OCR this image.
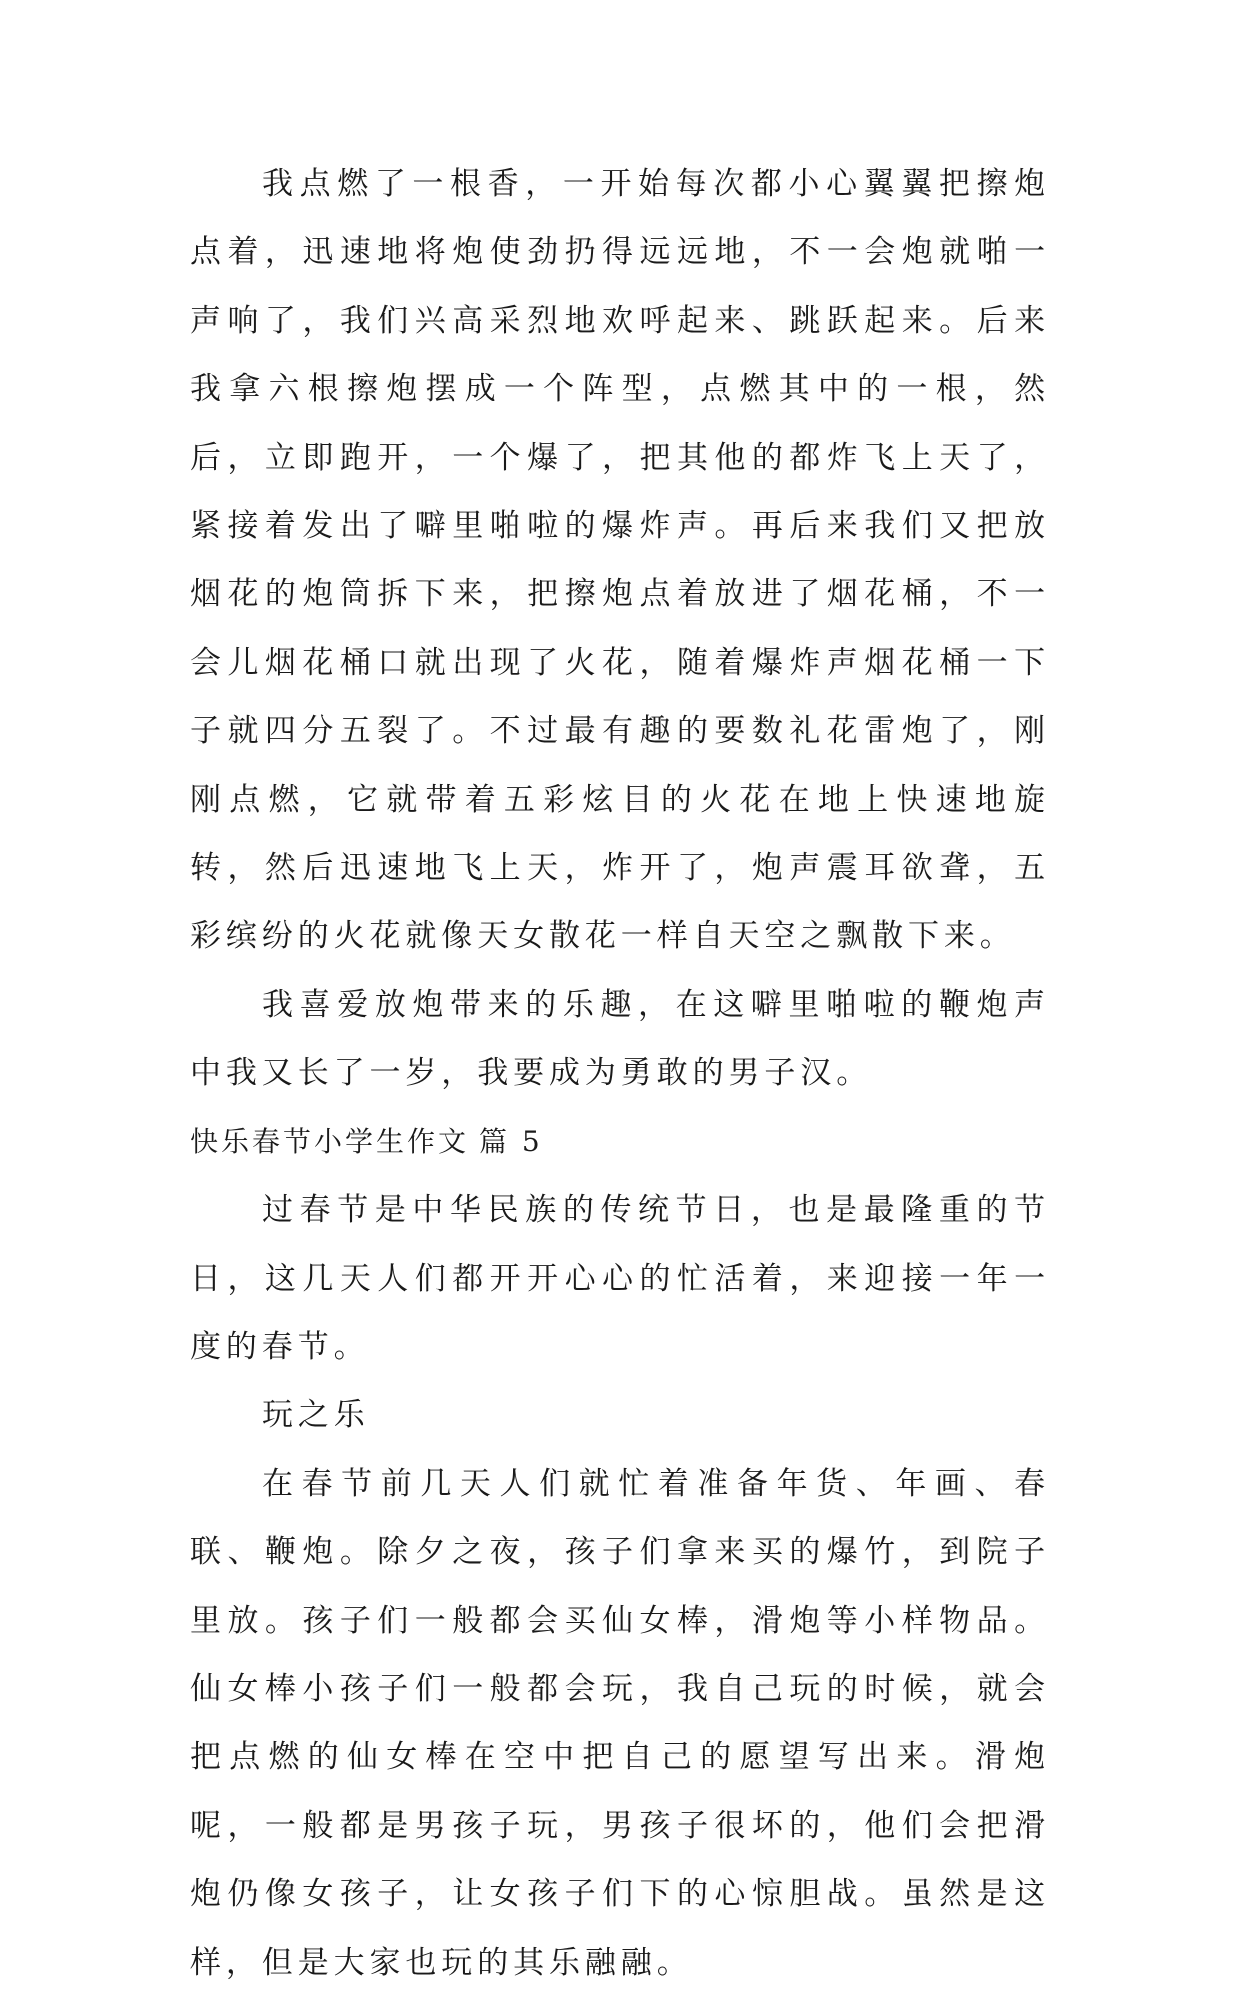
我点燃了一根香，一开始每次都小心翼翼把擦炮点着，迅速地将炮使劲扔得远远地，不一会炮就啪一声响了，我们兴高采烈地欢呼起来、跳跃起来。后来我拿六根擦炮摆成一个阵型，点燃其中的一根，然后，立即跑开，一个爆了，把其他的都炸飞上天了，紧接着发出了噼里啪啦的爆炸声。再后来我们又把放烟花的炮筒拆下来，把擦炮点着放进了烟花桶，不一会儿烟花桶口就出现了火花，随着爆炸声烟花桶一下子就四分五裂了。不过最有趣的要数礼花雷炮了，刚刚点燃，它就带着五彩炫目的火花在地上快速地旋转，然后迅速地飞上天，炸开了，炮声震耳欲聋，五彩缤纷的火花就像天女散花一样自天空之飘散下来。

我喜爱放炮带来的乐趣，在这噼里啪啦的鞭炮声中我又长了一岁，我要成为勇敢的男子汉。

快乐春节小学生作文 篇 5

过春节是中华民族的传统节日，也是最隆重的节日，这几天人们都开开心心的忙活着，来迎接一年一度的春节。

玩之乐

在春节前几天人们就忙着准备年货、年画、春联、鞭炮。除夕之夜，孩子们拿来买的爆竹，到院子里放。孩子们一般都会买仙女棒，滑炮等小样物品。仙女棒小孩子们一般都会玩，我自己玩的时候，就会把点燃的仙女棒在空中把自己的愿望写出来。滑炮呢，一般都是男孩子玩，男孩子很坏的，他们会把滑炮仍像女孩子，让女孩子们下的心惊胆战。虽然是这样，但是大家也玩的其乐融融。
